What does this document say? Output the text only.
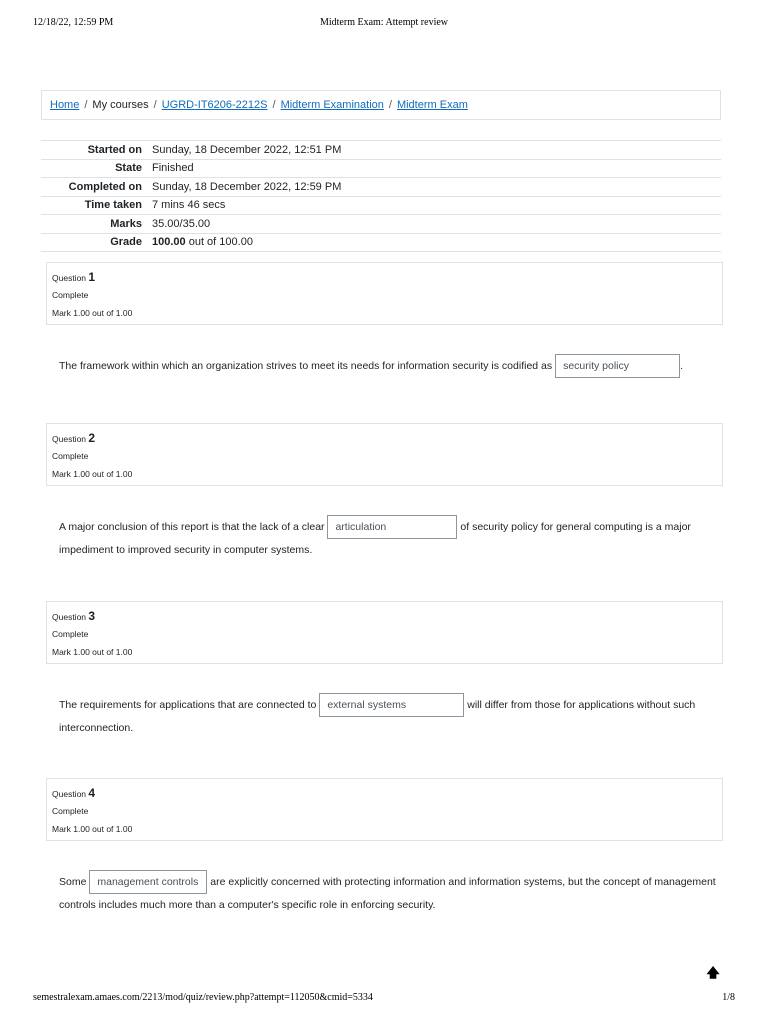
12/18/22, 12:59 PM	Midterm Exam: Attempt review
Home / My courses / UGRD-IT6206-2212S / Midterm Examination / Midterm Exam
Started on	Sunday, 18 December 2022, 12:51 PM
State	Finished
Completed on	Sunday, 18 December 2022, 12:59 PM
Time taken	7 mins 46 secs
Marks	35.00/35.00
Grade	100.00 out of 100.00
Question 1
Complete
Mark 1.00 out of 1.00
The framework within which an organization strives to meet its needs for information security is codified as security policy	.
Question 2
Complete
Mark 1.00 out of 1.00
A major conclusion of this report is that the lack of a clear articulation	of security policy for general computing is a major impediment to improved security in computer systems.
Question 3
Complete
Mark 1.00 out of 1.00
The requirements for applications that are connected to external systems	will differ from those for applications without such interconnection.
Question 4
Complete
Mark 1.00 out of 1.00
Some management controls are explicitly concerned with protecting information and information systems, but the concept of management controls includes much more than a computer's specific role in enforcing security.
🡅
semestralexam.amaes.com/2213/mod/quiz/review.php?attempt=112050&cmid=5334	1/8
